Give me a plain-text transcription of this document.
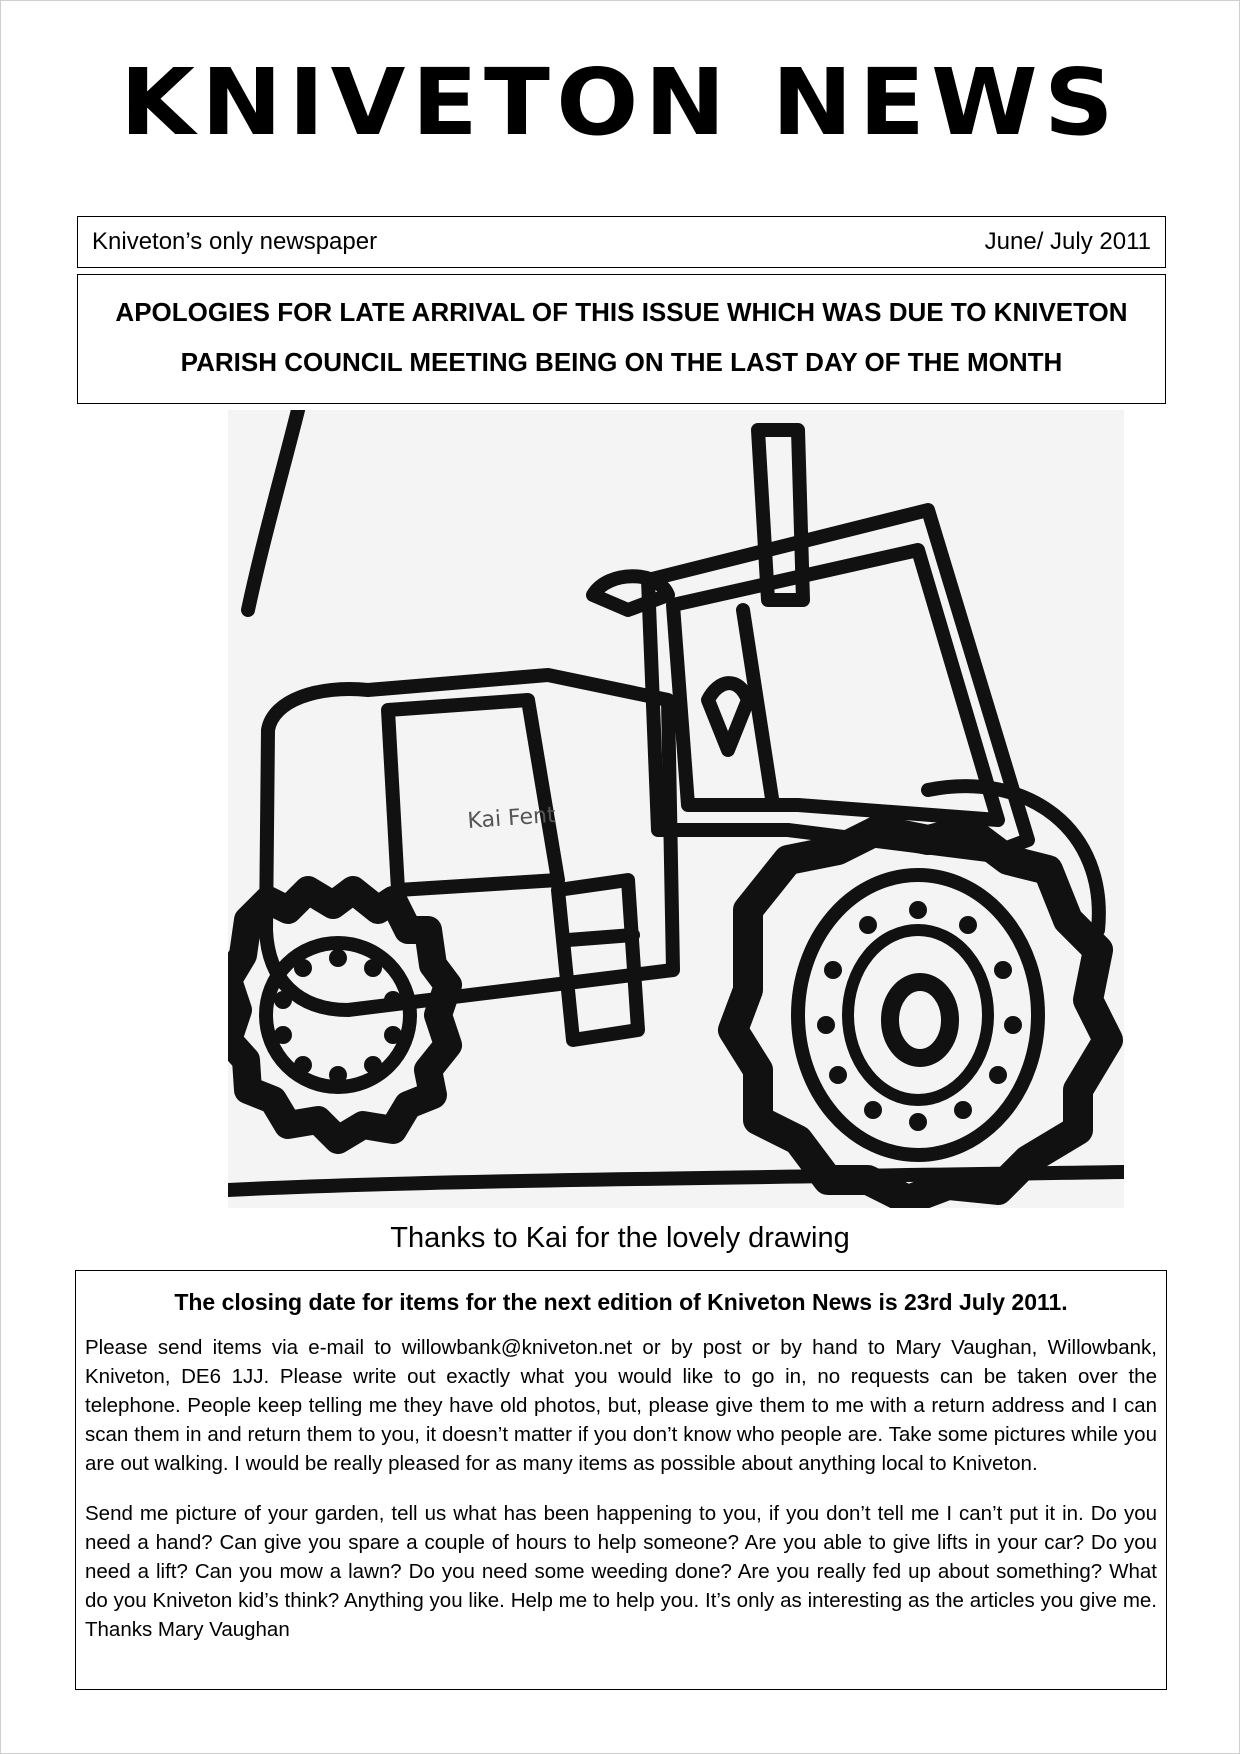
KNIVETON NEWS
Kniveton’s only newspaper	June/ July 2011
APOLOGIES FOR LATE ARRIVAL OF THIS ISSUE WHICH WAS DUE TO KNIVETON
PARISH COUNCIL MEETING BEING ON THE LAST DAY OF THE MONTH
Kai Fent
Thanks to Kai for the lovely drawing
The closing date for items for the next edition of Kniveton News is 23rd July 2011.
Please send items via e-mail to willowbank@kniveton.net or by post or by hand to Mary Vaughan, Willowbank, Kniveton, DE6 1JJ. Please write out exactly what you would like to go in, no requests can be taken over the telephone. People keep telling me they have old photos, but, please give them to me with a return address and I can scan them in and return them to you, it doesn’t matter if you don’t know who people are. Take some pictures while you are out walking. I would be really pleased for as many items as possible about anything local to Kniveton.
Send me picture of your garden, tell us what has been happening to you, if you don’t tell me I can’t put it in. Do you need a hand? Can give you spare a couple of hours to help someone? Are you able to give lifts in your car? Do you need a lift? Can you mow a lawn? Do you need some weeding done? Are you really fed up about something? What do you Kniveton kid’s think? Anything you like. Help me to help you. It’s only as interesting as the articles you give me. Thanks Mary Vaughan
